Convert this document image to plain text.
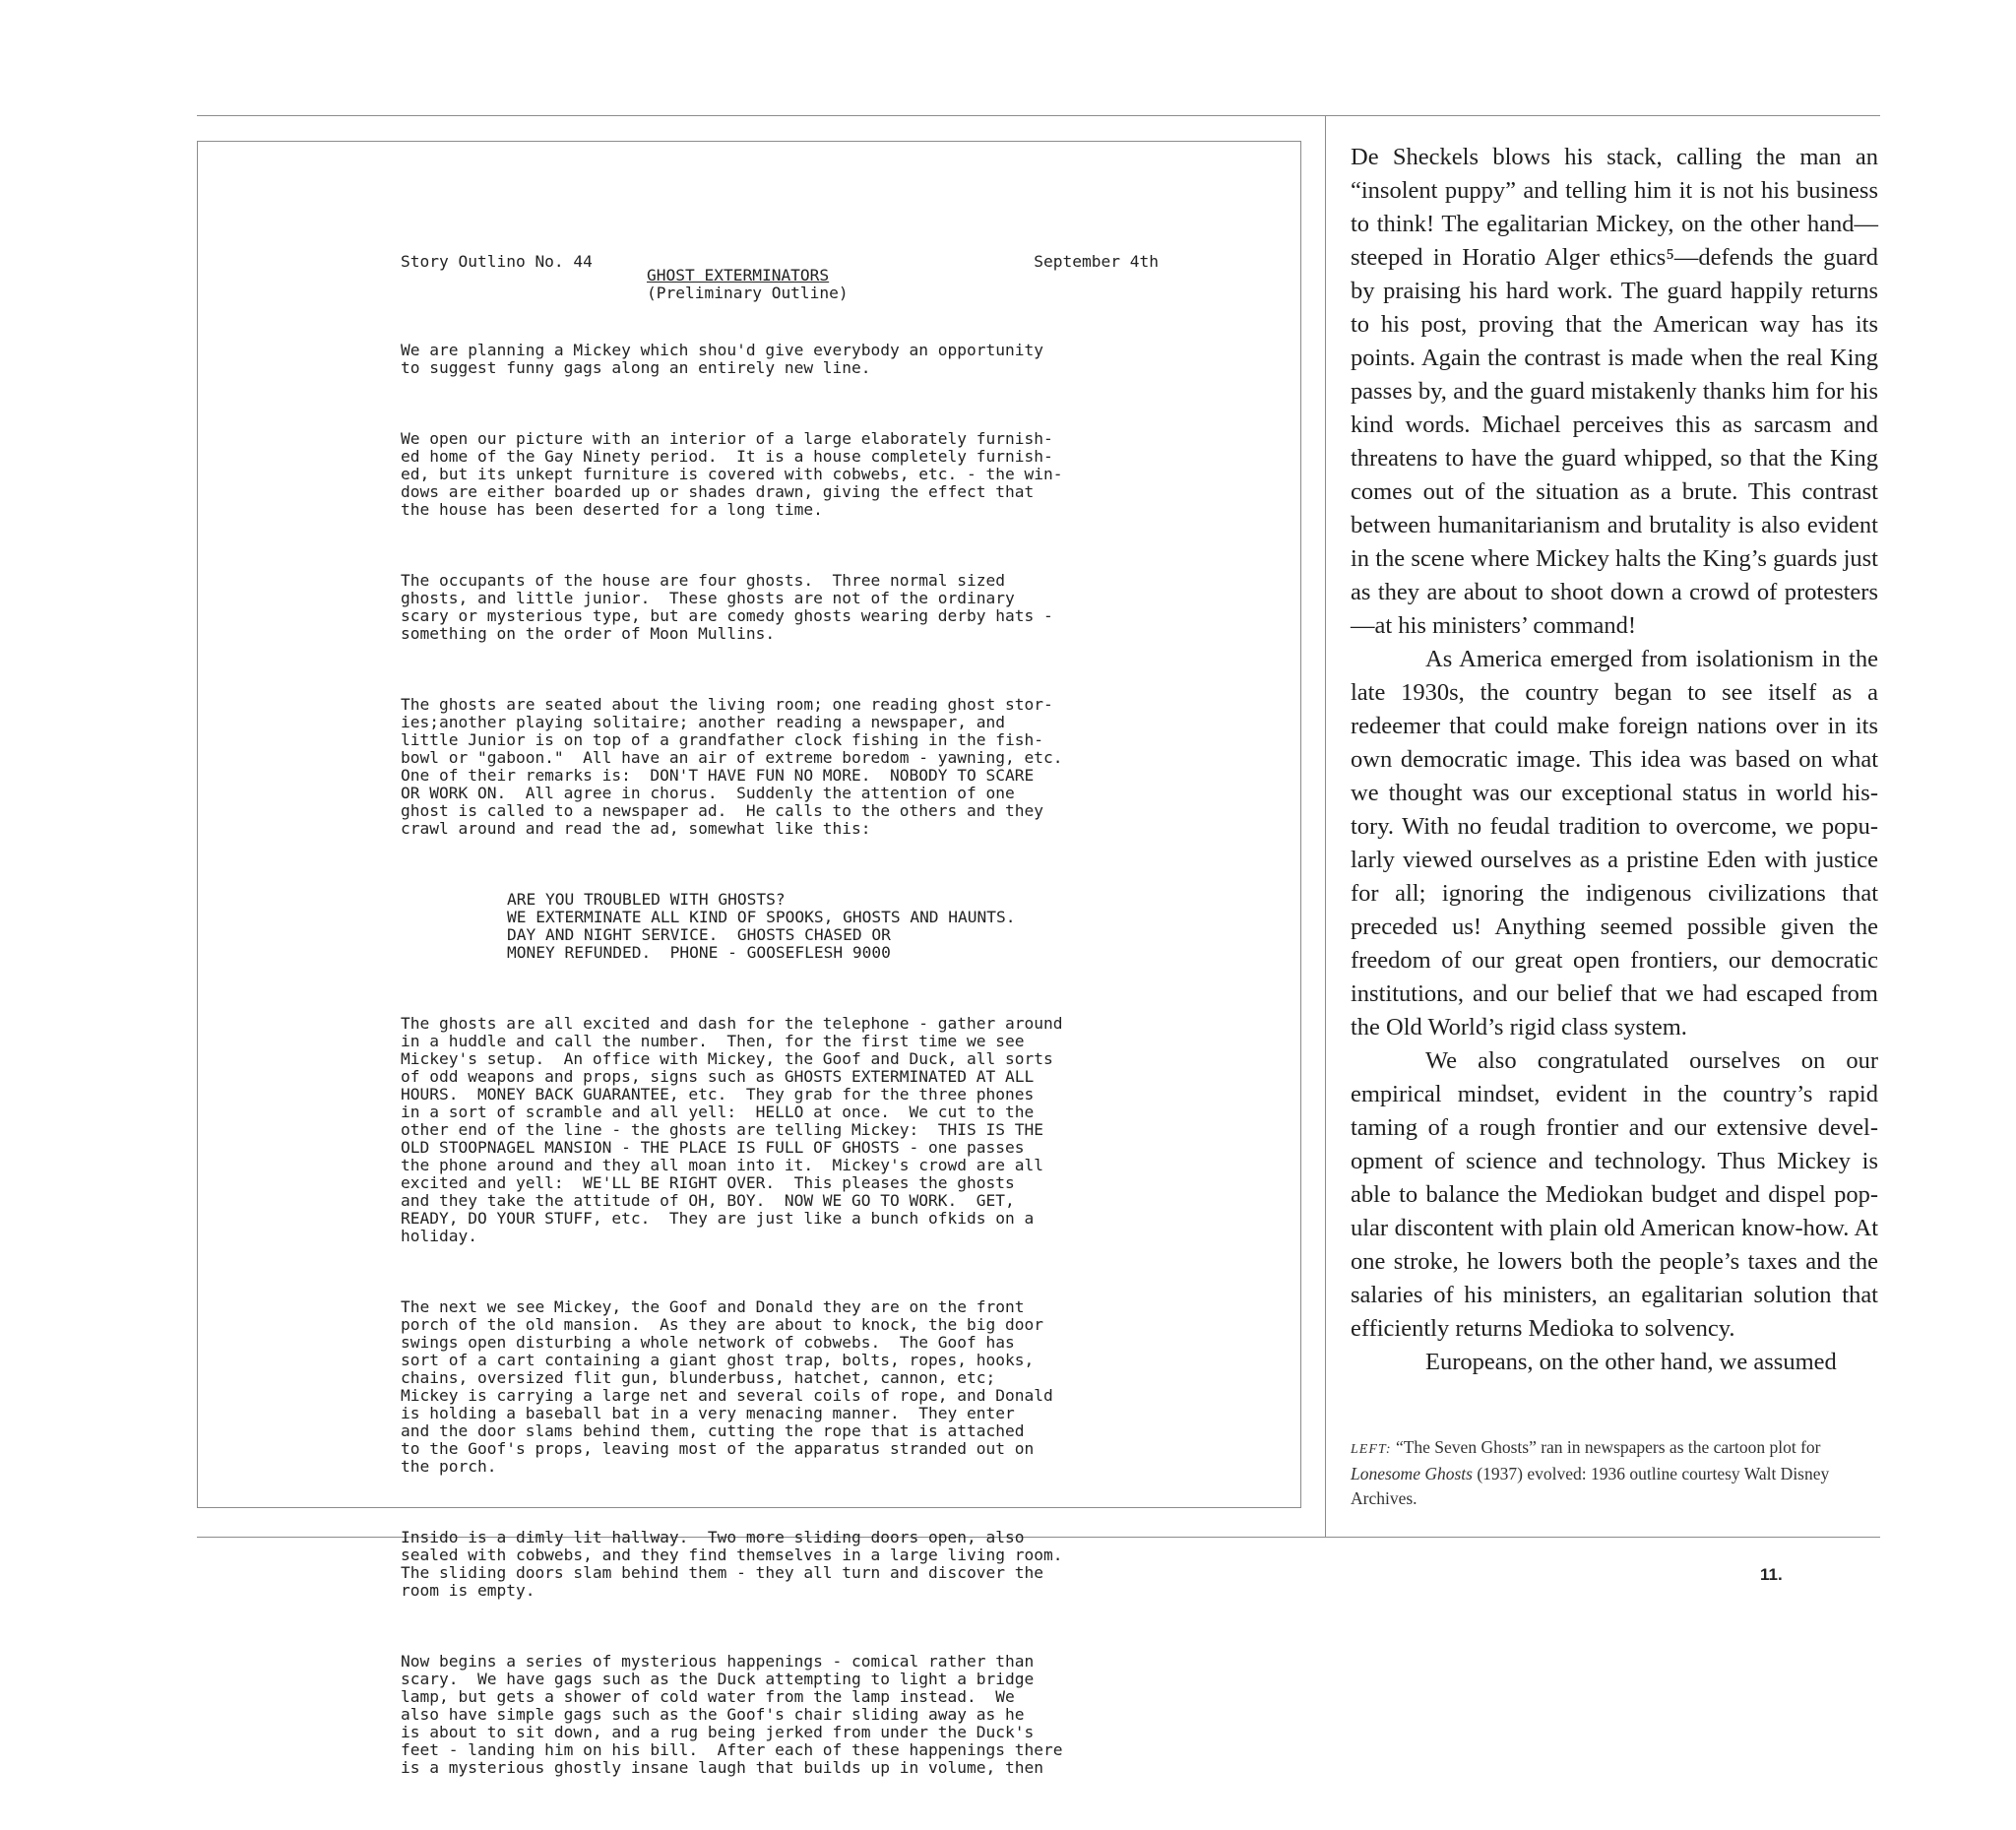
Story Outlino No. 44

	September 4th

GHOST EXTERMINATORS

(Preliminary Outline)

We are planning a Mickey which shou'd give everybody an opportunity
to suggest funny gags along an entirely new line.

We open our picture with an interior of a large elaborately furnish-
ed home of the Gay Ninety period.  It is a house completely furnish-
ed, but its unkept furniture is covered with cobwebs, etc. - the win-
dows are either boarded up or shades drawn, giving the effect that
the house has been deserted for a long time.

The occupants of the house are four ghosts.  Three normal sized
ghosts, and little junior.  These ghosts are not of the ordinary
scary or mysterious type, but are comedy ghosts wearing derby hats -
something on the order of Moon Mullins.

The ghosts are seated about the living room; one reading ghost stor-
ies;another playing solitaire; another reading a newspaper, and
little Junior is on top of a grandfather clock fishing in the fish-
bowl or "gaboon."  All have an air of extreme boredom - yawning, etc.
One of their remarks is:  DON'T HAVE FUN NO MORE.  NOBODY TO SCARE
OR WORK ON.  All agree in chorus.  Suddenly the attention of one
ghost is called to a newspaper ad.  He calls to the others and they
crawl around and read the ad, somewhat like this:

ARE YOU TROUBLED WITH GHOSTS?
WE EXTERMINATE ALL KIND OF SPOOKS, GHOSTS AND HAUNTS.
DAY AND NIGHT SERVICE.  GHOSTS CHASED OR
MONEY REFUNDED.  PHONE - GOOSEFLESH 9000

The ghosts are all excited and dash for the telephone - gather around
in a huddle and call the number.  Then, for the first time we see
Mickey's setup.  An office with Mickey, the Goof and Duck, all sorts
of odd weapons and props, signs such as GHOSTS EXTERMINATED AT ALL
HOURS.  MONEY BACK GUARANTEE, etc.  They grab for the three phones
in a sort of scramble and all yell:  HELLO at once.  We cut to the
other end of the line - the ghosts are telling Mickey:  THIS IS THE
OLD STOOPNAGEL MANSION - THE PLACE IS FULL OF GHOSTS - one passes
the phone around and they all moan into it.  Mickey's crowd are all
excited and yell:  WE'LL BE RIGHT OVER.  This pleases the ghosts
and they take the attitude of OH, BOY.  NOW WE GO TO WORK.  GET,
READY, DO YOUR STUFF, etc.  They are just like a bunch ofkids on a
holiday.

The next we see Mickey, the Goof and Donald they are on the front
porch of the old mansion.  As they are about to knock, the big door
swings open disturbing a whole network of cobwebs.  The Goof has
sort of a cart containing a giant ghost trap, bolts, ropes, hooks,
chains, oversized flit gun, blunderbuss, hatchet, cannon, etc;
Mickey is carrying a large net and several coils of rope, and Donald
is holding a baseball bat in a very menacing manner.  They enter
and the door slams behind them, cutting the rope that is attached
to the Goof's props, leaving most of the apparatus stranded out on
the porch.

Insido is a dimly lit hallway.  Two more sliding doors open, also
sealed with cobwebs, and they find themselves in a large living room.
The sliding doors slam behind them - they all turn and discover the
room is empty.

Now begins a series of mysterious happenings - comical rather than
scary.  We have gags such as the Duck attempting to light a bridge
lamp, but gets a shower of cold water from the lamp instead.  We
also have simple gags such as the Goof's chair sliding away as he
is about to sit down, and a rug being jerked from under the Duck's
feet - landing him on his bill.  After each of these happenings there
is a mysterious ghostly insane laugh that builds up in volume, then

De Sheckels blows his stack, calling the man an “insolent puppy” and telling him it is not his business to think! The egalitarian Mickey, on the other hand—steeped in Horatio Alger ethics⁵—defends the guard by praising his hard work. The guard happily returns to his post, proving that the American way has its points. Again the contrast is made when the real King passes by, and the guard mistakenly thanks him for his kind words. Michael perceives this as sarcasm and threatens to have the guard whipped, so that the King comes out of the situation as a brute. This contrast between humanitarianism and brutality is also evident in the scene where Mickey halts the King’s guards just as they are about to shoot down a crowd of protesters—at his ministers’ command!

As America emerged from isolationism in the late 1930s, the country began to see itself as a redeemer that could make foreign nations over in its own democratic image. This idea was based on what we thought was our exceptional status in world history. With no feudal tradition to overcome, we popularly viewed ourselves as a pristine Eden with justice for all; ignoring the indigenous civilizations that preceded us! Anything seemed possible given the freedom of our great open frontiers, our democratic institutions, and our belief that we had escaped from the Old World’s rigid class system.

We also congratulated ourselves on our empirical mindset, evident in the country’s rapid taming of a rough frontier and our extensive development of science and technology. Thus Mickey is able to balance the Mediokan budget and dispel popular discontent with plain old American know-how. At one stroke, he lowers both the people’s taxes and the salaries of his ministers, an egalitarian solution that efficiently returns Medioka to solvency.

Europeans, on the other hand, we assumed

LEFT: “The Seven Ghosts” ran in newspapers as the cartoon plot for Lonesome Ghosts (1937) evolved: 1936 outline courtesy Walt Disney Archives.
11.
